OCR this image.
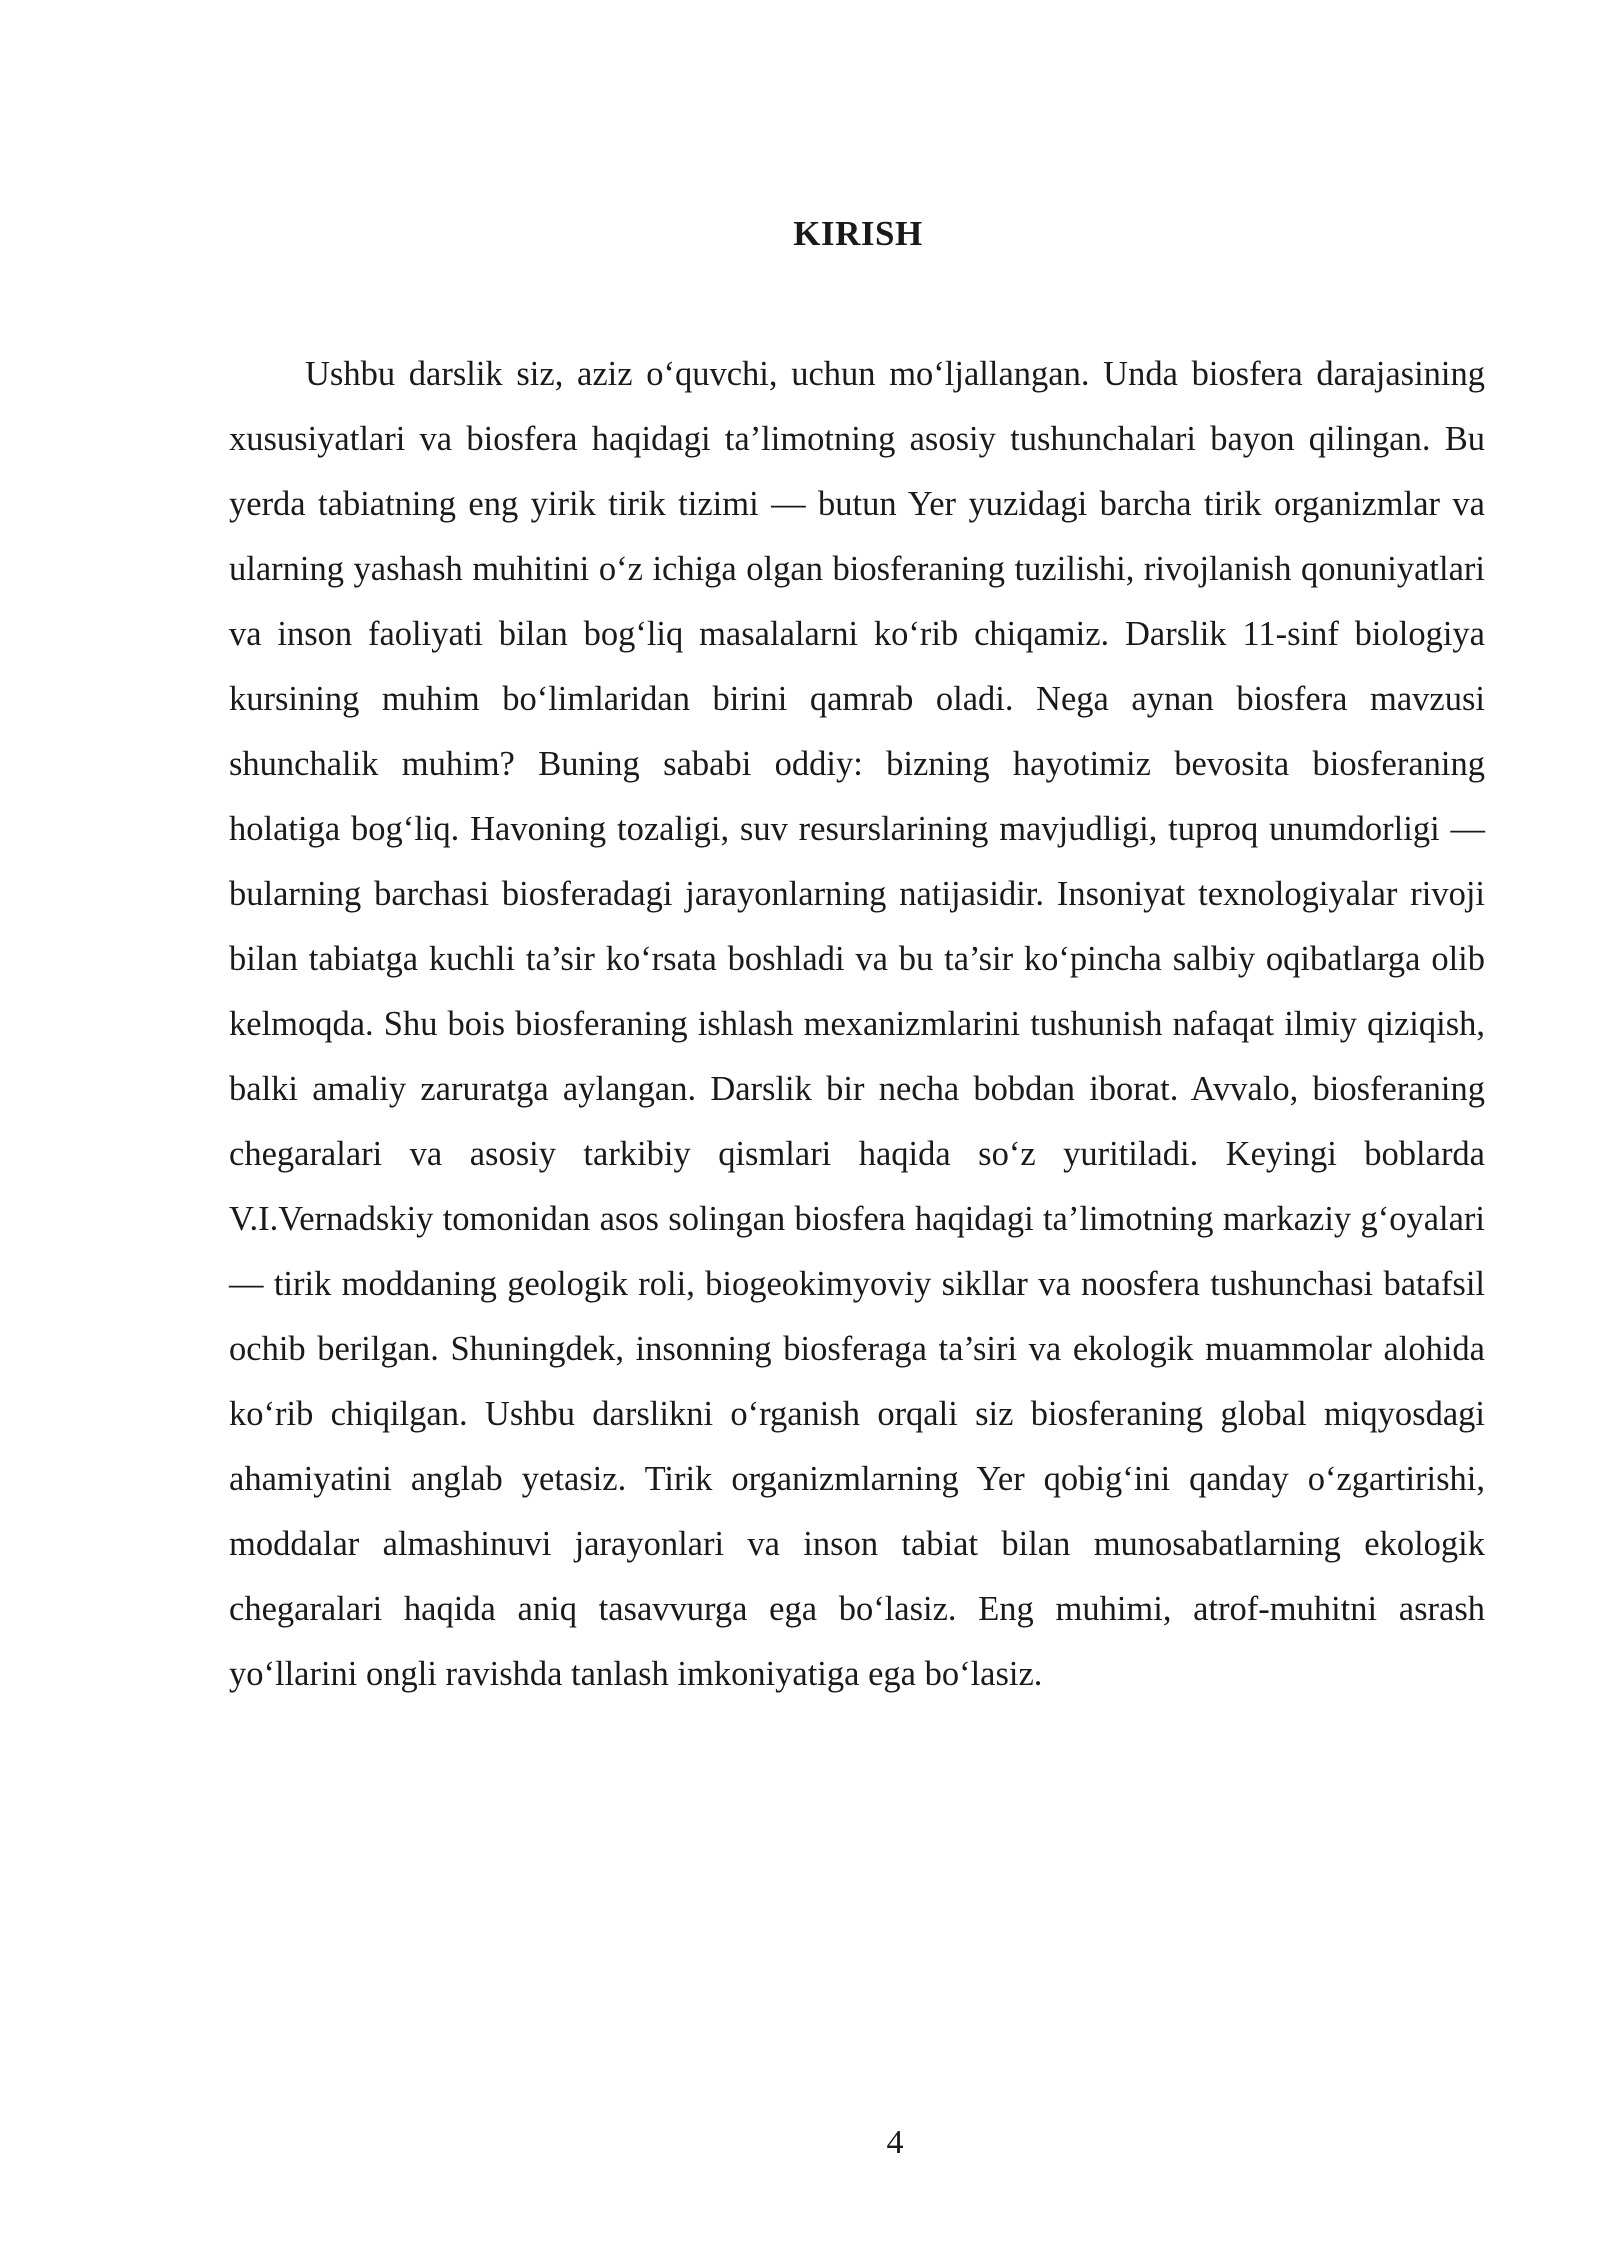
KIRISH

Ushbu darslik siz, aziz o‘quvchi, uchun mo‘ljallangan. Unda biosfera darajasining xususiyatlari va biosfera haqidagi ta’limotning asosiy tushunchalari bayon qilingan. Bu yerda tabiatning eng yirik tirik tizimi — butun Yer yuzidagi barcha tirik organizmlar va ularning yashash muhitini o‘z ichiga olgan biosferaning tuzilishi, rivojlanish qonuniyatlari va inson faoliyati bilan bog‘liq masalalarni ko‘rib chiqamiz. Darslik 11-sinf biologiya kursining muhim bo‘limlaridan birini qamrab oladi. Nega aynan biosfera mavzusi shunchalik muhim? Buning sababi oddiy: bizning hayotimiz bevosita biosferaning holatiga bog‘liq. Havoning tozaligi, suv resurslarining mavjudligi, tuproq unumdorligi — bularning barchasi biosferadagi jarayonlarning natijasidir. Insoniyat texnologiyalar rivoji bilan tabiatga kuchli ta’sir ko‘rsata boshladi va bu ta’sir ko‘pincha salbiy oqibatlarga olib kelmoqda. Shu bois biosferaning ishlash mexanizmlarini tushunish nafaqat ilmiy qiziqish, balki amaliy zaruratga aylangan. Darslik bir necha bobdan iborat. Avvalo, biosferaning chegaralari va asosiy tarkibiy qismlari haqida so‘z yuritiladi. Keyingi boblarda V.I.Vernadskiy tomonidan asos solingan biosfera haqidagi ta’limotning markaziy g‘oyalari — tirik moddaning geologik roli, biogeokimyoviy sikllar va noosfera tushunchasi batafsil ochib berilgan. Shuningdek, insonning biosferaga ta’siri va ekologik muammolar alohida ko‘rib chiqilgan. Ushbu darslikni o‘rganish orqali siz biosferaning global miqyosdagi ahamiyatini anglab yetasiz. Tirik organizmlarning Yer qobig‘ini qanday o‘zgartirishi, moddalar almashinuvi jarayonlari va inson tabiat bilan munosabatlarning ekologik chegaralari haqida aniq tasavvurga ega bo‘lasiz. Eng muhimi, atrof-muhitni asrash yo‘llarini ongli ravishda tanlash imkoniyatiga ega bo‘lasiz.

4
